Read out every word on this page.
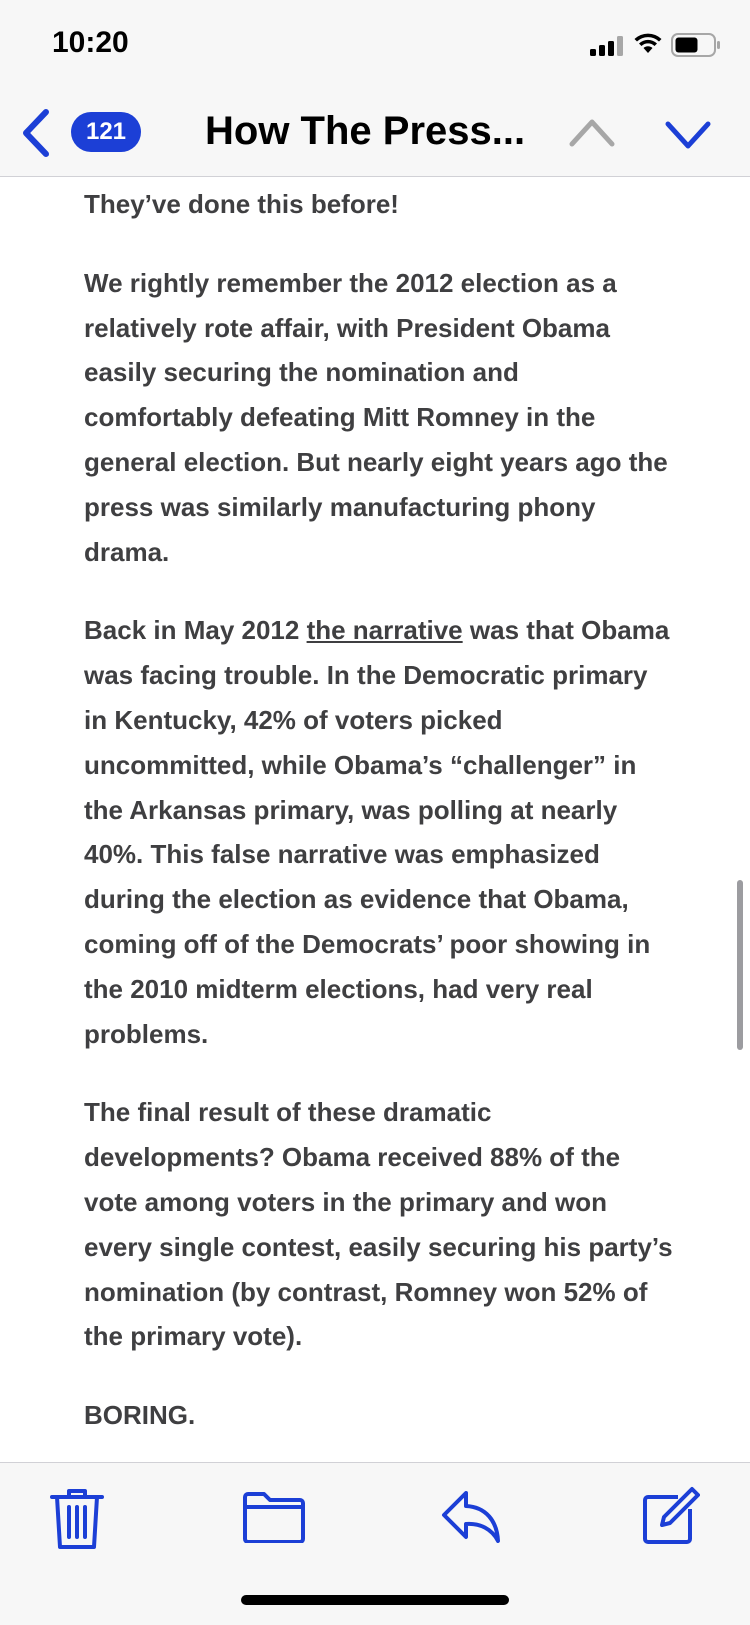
10:20
121	How The Press...

They’ve done this before!

We rightly remember the 2012 election as a relatively rote affair, with President Obama easily securing the nomination and comfortably defeating Mitt Romney in the general election. But nearly eight years ago the press was similarly manufacturing phony drama.

Back in May 2012 the narrative was that Obama was facing trouble. In the Democratic primary in Kentucky, 42% of voters picked uncommitted, while Obama’s “challenger” in the Arkansas primary, was polling at nearly 40%. This false narrative was emphasized during the election as evidence that Obama, coming off of the Democrats’ poor showing in the 2010 midterm elections, had very real problems.

The final result of these dramatic developments? Obama received 88% of the vote among voters in the primary and won every single contest, easily securing his party’s nomination (by contrast, Romney won 52% of the primary vote).

BORING.
